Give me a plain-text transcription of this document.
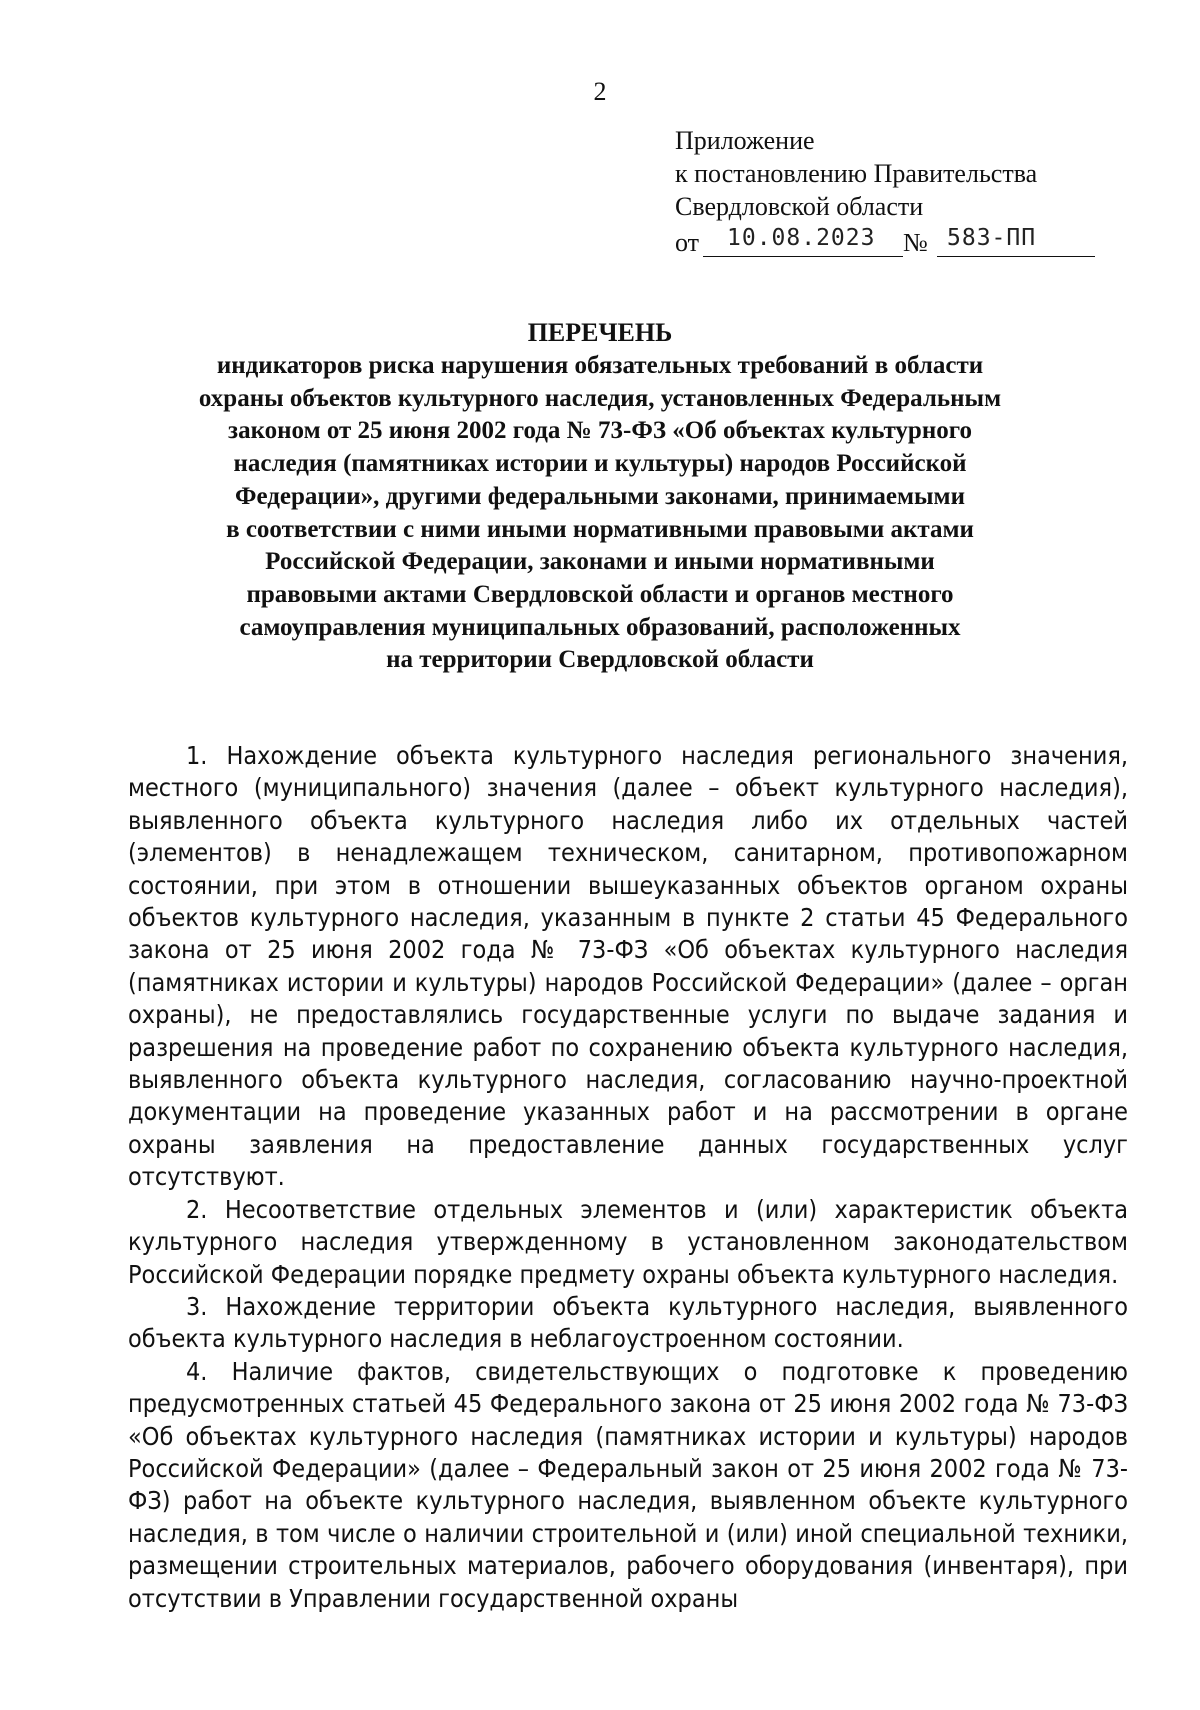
2
Приложение
к постановлению Правительства
Свердловской области
от 10.08.2023 № 583-ПП
ПЕРЕЧЕНЬ
индикаторов риска нарушения обязательных требований в области
охраны объектов культурного наследия, установленных Федеральным
законом от 25 июня 2002 года № 73-ФЗ «Об объектах культурного
наследия (памятниках истории и культуры) народов Российской
Федерации», другими федеральными законами, принимаемыми
в соответствии с ними иными нормативными правовыми актами
Российской Федерации, законами и иными нормативными
правовыми актами Свердловской области и органов местного
самоуправления муниципальных образований, расположенных
на территории Свердловской области

1. Нахождение объекта культурного наследия регионального значения, местного (муниципального) значения (далее – объект культурного наследия), выявленного объекта культурного наследия либо их отдельных частей (элементов) в ненадлежащем техническом, санитарном, противопожарном состоянии, при этом в отношении вышеуказанных объектов органом охраны объектов культурного наследия, указанным в пункте 2 статьи 45 Федерального закона от 25 июня 2002 года № 73-ФЗ «Об объектах культурного наследия (памятниках истории и культуры) народов Российской Федерации» (далее – орган охраны), не предоставлялись государственные услуги по выдаче задания и разрешения на проведение работ по сохранению объекта культурного наследия, выявленного объекта культурного наследия, согласованию научно-проектной документации на проведение указанных работ и на рассмотрении в органе охраны заявления на предоставление данных государственных услуг отсутствуют.

2. Несоответствие отдельных элементов и (или) характеристик объекта культурного наследия утвержденному в установленном законодательством Российской Федерации порядке предмету охраны объекта культурного наследия.

3. Нахождение территории объекта культурного наследия, выявленного объекта культурного наследия в неблагоустроенном состоянии.

4. Наличие фактов, свидетельствующих о подготовке к проведению предусмотренных статьей 45 Федерального закона от 25 июня 2002 года № 73-ФЗ «Об объектах культурного наследия (памятниках истории и культуры) народов Российской Федерации» (далее – Федеральный закон от 25 июня 2002 года № 73-ФЗ) работ на объекте культурного наследия, выявленном объекте культурного наследия, в том числе о наличии строительной и (или) иной специальной техники, размещении строительных материалов, рабочего оборудования (инвентаря), при отсутствии в Управлении государственной охраны
